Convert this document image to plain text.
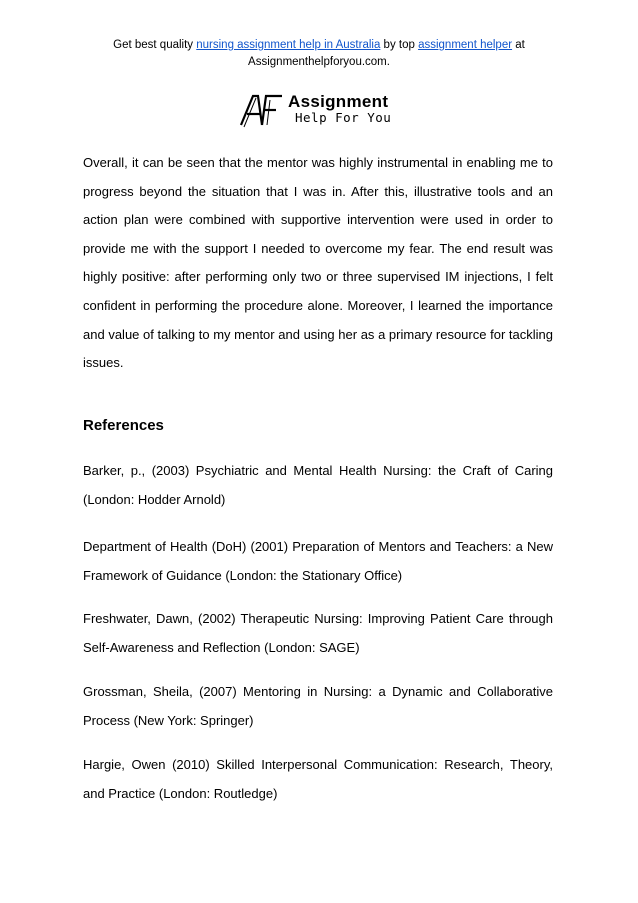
Get best quality nursing assignment help in Australia by top assignment helper at
Assignmenthelpforyou.com.
Assignment
Help For You

Overall, it can be seen that the mentor was highly instrumental in enabling me to progress beyond the situation that I was in. After this, illustrative tools and an action plan were combined with supportive intervention were used in order to provide me with the support I needed to overcome my fear. The end result was highly positive: after performing only two or three supervised IM injections, I felt confident in performing the procedure alone. Moreover, I learned the importance and value of talking to my mentor and using her as a primary resource for tackling issues.

References

Barker, p., (2003) Psychiatric and Mental Health Nursing: the Craft of Caring (London: Hodder Arnold)

Department of Health (DoH) (2001) Preparation of Mentors and Teachers: a New Framework of Guidance (London: the Stationary Office)

Freshwater, Dawn, (2002) Therapeutic Nursing: Improving Patient Care through Self-Awareness and Reflection (London: SAGE)

Grossman, Sheila, (2007) Mentoring in Nursing: a Dynamic and Collaborative Process (New York: Springer)

Hargie, Owen (2010) Skilled Interpersonal Communication: Research, Theory, and Practice (London: Routledge)
